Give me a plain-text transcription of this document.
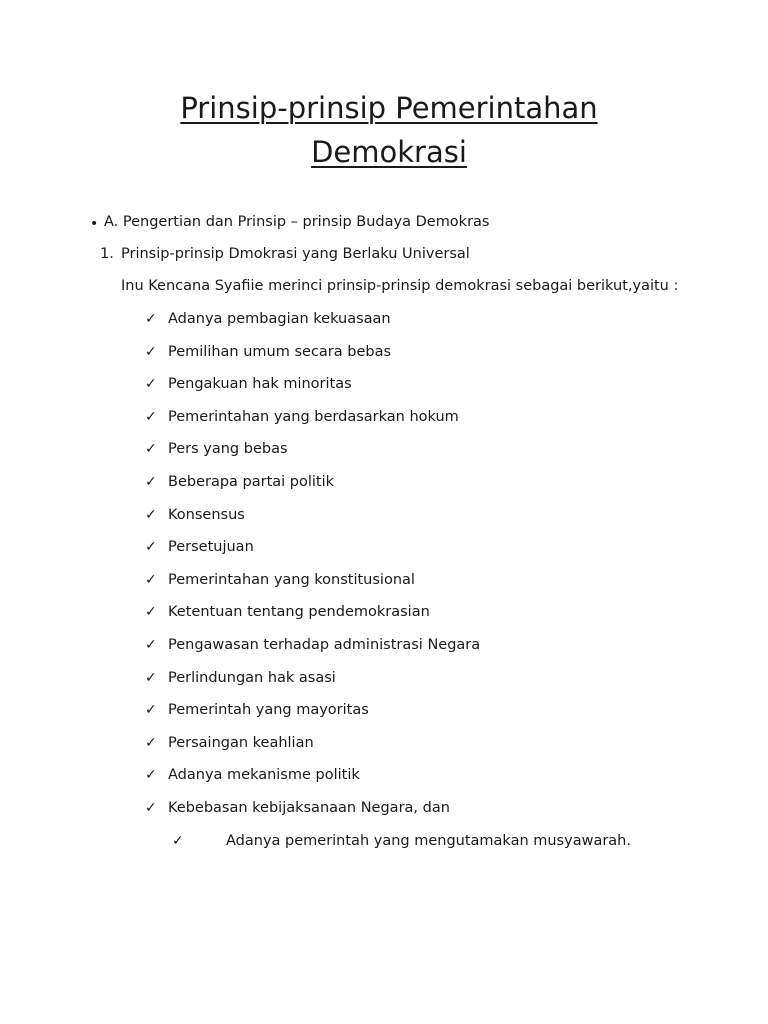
Prinsip-prinsip Pemerintahan
Demokrasi
• A. Pengertian dan Prinsip – prinsip Budaya Demokras
1. Prinsip-prinsip Dmokrasi yang Berlaku Universal
Inu Kencana Syafiie merinci prinsip-prinsip demokrasi sebagai berikut,yaitu :
✓ Adanya pembagian kekuasaan
✓ Pemilihan umum secara bebas
✓ Pengakuan hak minoritas
✓ Pemerintahan yang berdasarkan hokum
✓ Pers yang bebas
✓ Beberapa partai politik
✓ Konsensus
✓ Persetujuan
✓ Pemerintahan yang konstitusional
✓ Ketentuan tentang pendemokrasian
✓ Pengawasan terhadap administrasi Negara
✓ Perlindungan hak asasi
✓ Pemerintah yang mayoritas
✓ Persaingan keahlian
✓ Adanya mekanisme politik
✓ Kebebasan kebijaksanaan Negara, dan
✓	Adanya pemerintah yang mengutamakan musyawarah.
